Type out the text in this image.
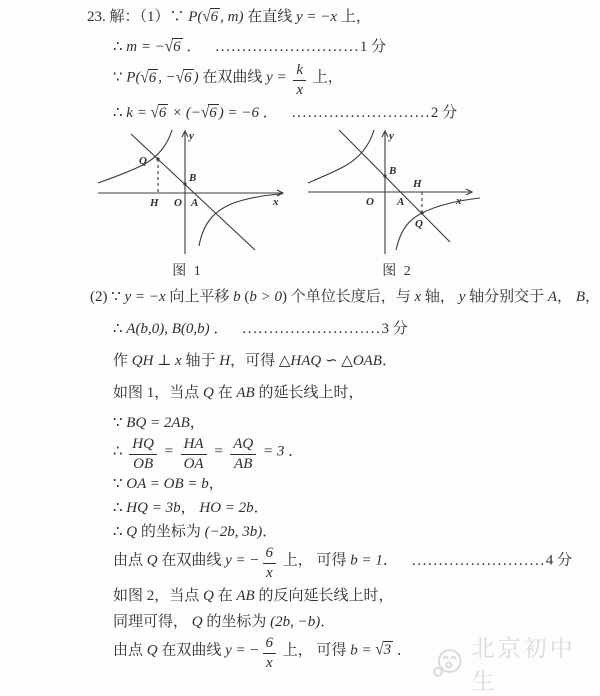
23. 解：（1）∵ P(√6 , m) 在直线 y = −x 上，
∴ m = −√6 ． ...........................1 分
∵ P(√6 , −√6 ) 在双曲线 $y = \frac{k}{x}$ 上，
∴ k = √6 × (−√6 ) = −6 ． ..........................2 分
Q
B
H O A	x
y
图 1
B
H
O A
Q
x
y
图 2
(2) ∵ y = −x 向上平移 b (b > 0) 个单位长度后，与 x 轴， y 轴分别交于 A， B，
∴ A(b,0), B(0,b) ． ..........................3 分
作 QH ⊥ x 轴于 H，可得 △HAQ ∽ △OAB．
如图 1，当点 Q 在 AB 的延长线上时，
∵ BQ = 2AB，
∴ $\frac{HQ}{OB} = \frac{HA}{OA} = \frac{AQ}{AB} = 3$ ．
∵ OA = OB = b，
∴ HQ = 3b， HO = 2b．
∴ Q 的坐标为 (−2b, 3b)．
由点 Q 在双曲线 y = − $\frac{6}{x}$ 上， 可得 b = 1． .........................4 分
如图 2，当点 Q 在 AB 的反向延长线上时，
同理可得， Q 的坐标为 (2b, −b)．
由点 Q 在双曲线 y = − $\frac{6}{x}$ 上， 可得 b = √3 ．	北京初中生
